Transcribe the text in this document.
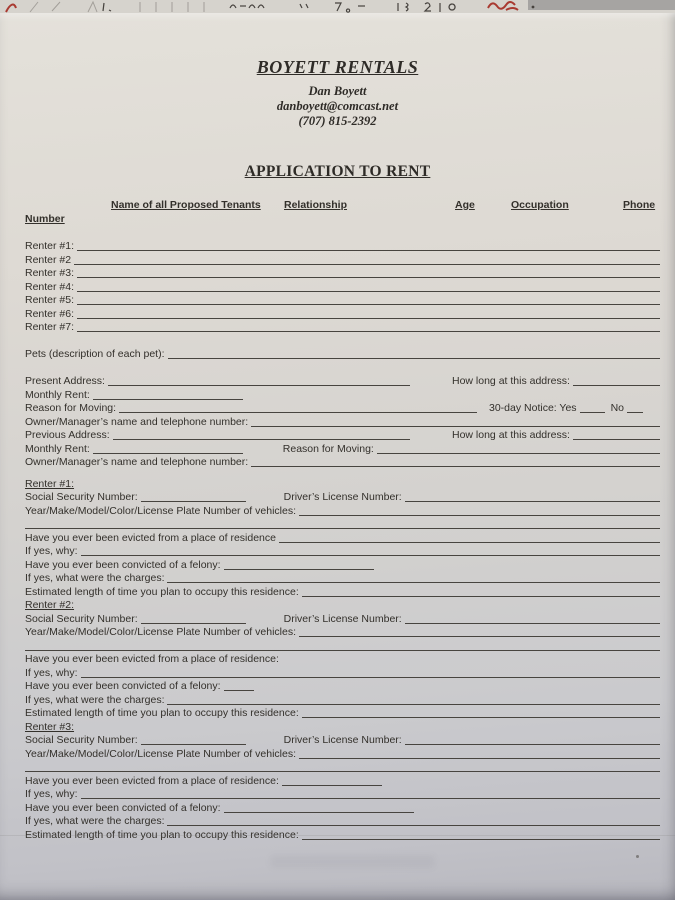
BOYETT RENTALS
Dan Boyett
danboyett@comcast.net
(707) 815-2392
APPLICATION TO RENT
Name of all Proposed Tenants Relationship	Age	Occupation	Phone
Number
Renter #1:
Renter #2
Renter #3:
Renter #4:
Renter #5:
Renter #6:
Renter #7:
Pets (description of each pet):
Present Address:	How long at this address:
Monthly Rent:
Reason for Moving:	30-day Notice: Yes	No
Owner/Manager’s name and telephone number:
Previous Address:	How long at this address:
Monthly Rent:	Reason for Moving:
Owner/Manager’s name and telephone number:
Renter #1:
Social Security Number:	Driver’s License Number:
Year/Make/Model/Color/License Plate Number of vehicles:
Have you ever been evicted from a place of residence
If yes, why:
Have you ever been convicted of a felony:
If yes, what were the charges:
Estimated length of time you plan to occupy this residence:
Renter #2:
Social Security Number:	Driver’s License Number:
Year/Make/Model/Color/License Plate Number of vehicles:
Have you ever been evicted from a place of residence:
If yes, why:
Have you ever been convicted of a felony:
If yes, what were the charges:
Estimated length of time you plan to occupy this residence:
Renter #3:
Social Security Number:	Driver’s License Number:
Year/Make/Model/Color/License Plate Number of vehicles:
Have you ever been evicted from a place of residence:
If yes, why:
Have you ever been convicted of a felony:
If yes, what were the charges:
Estimated length of time you plan to occupy this residence:
